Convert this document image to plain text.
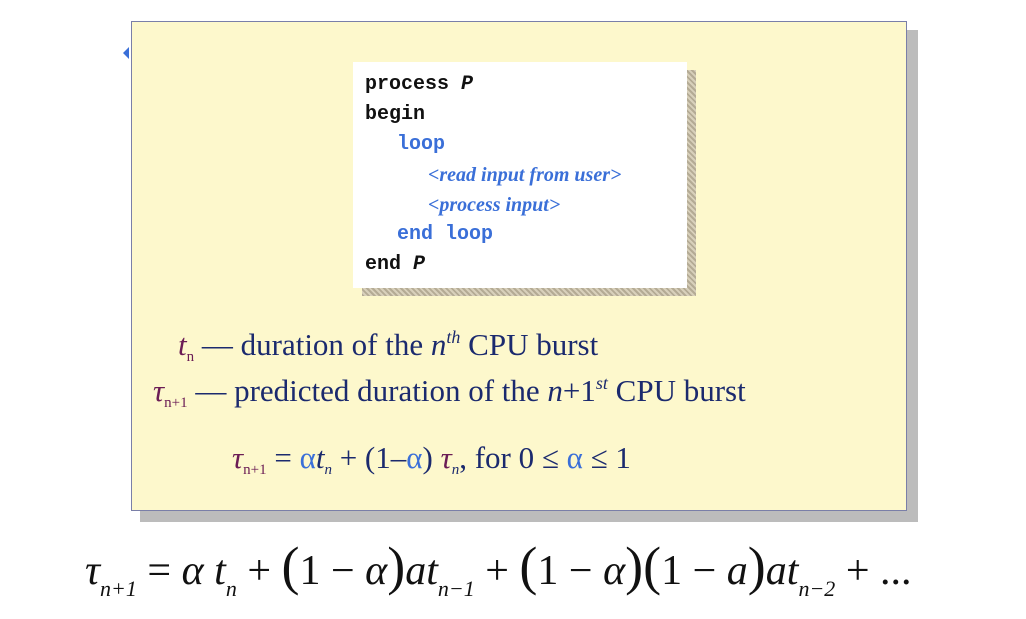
process P
begin
loop
<read input from user>
<process input>
end loop
end P
$t_n$ — duration of the $n^{th}$ CPU burst
$\tau_{n+1}$ — predicted duration of the n+1st CPU burst
$\tau_{n+1} = \alpha tn + (1-\alpha)$ τn, for 0 ≤ α ≤ 1
$\tau_{n+1} = \alpha$ $t_n + (1 - \alpha)at_{n-1} + (1 - \alpha)(1 - a)at_{n-2}$ + ...
